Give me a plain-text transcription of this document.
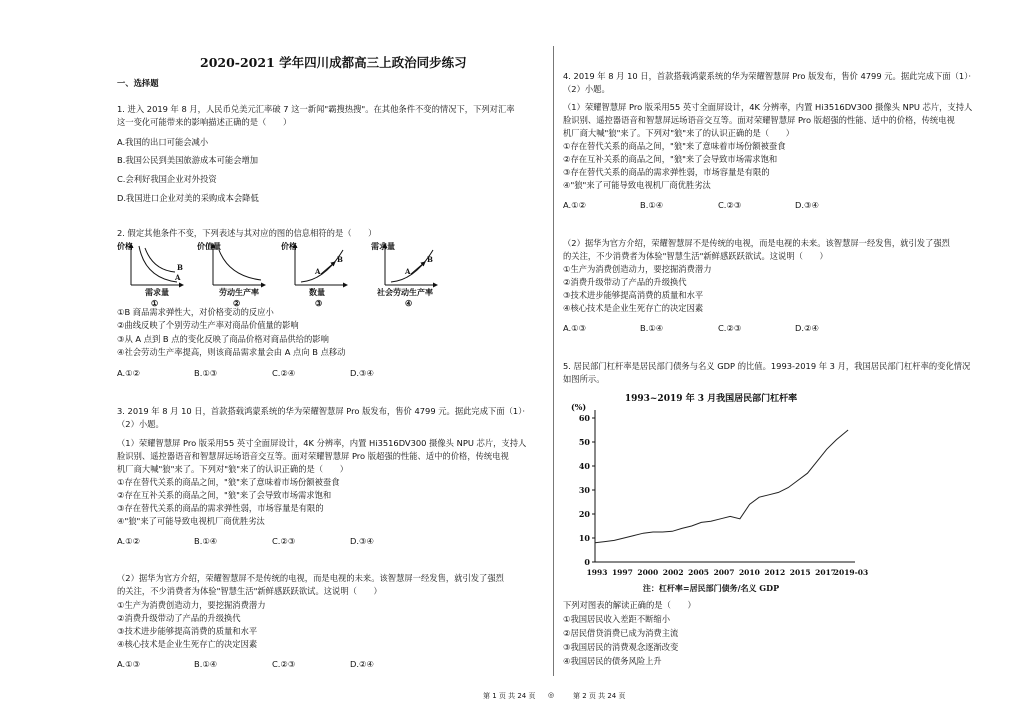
2020-2021 学年四川成都高三上政治同步练习
一、选择题
1. 进入 2019 年 8 月，人民币兑美元汇率破 7 这一新闻"霸搜热搜"。在其他条件不变的情况下，下列对汇率
这一变化可能带来的影响描述正确的是（　　）
A.我国的出口可能会减小
B.我国公民到美国旅游成本可能会增加
C.会利好我国企业对外投资
D.我国进口企业对美的采购成本会降低
2. 假定其他条件不变，下列表述与其对应的图的信息相符的是（　　）
价格
A
B
需求量
①
价值量
劳动生产率
②
价格
A
B
数量
③
需求量
A
B
社会劳动生产率
④
①B 商品需求弹性大，对价格变动的反应小
②曲线反映了个别劳动生产率对商品价值量的影响
③从 A 点到 B 点的变化反映了商品价格对商品供给的影响
④社会劳动生产率提高，则该商品需求量会由 A 点向 B 点移动
A.①②	B.①③	C.②④	D.③④
3. 2019 年 8 月 10 日，首款搭载鸿蒙系统的华为荣耀智慧屏 Pro 版发布，售价 4799 元。据此完成下面（1）·
（2）小题。
（1）荣耀智慧屏 Pro 版采用55 英寸全面屏设计，4K 分辨率，内置 Hi3516DV300 摄像头 NPU 芯片，支持人
脸识别、遥控器语音和智慧屏远场语音交互等。面对荣耀智慧屏 Pro 版超强的性能、适中的价格，传统电视
机厂商大喊"狼"来了。下列对"狼"来了的认识正确的是（　　）
①存在替代关系的商品之间，"狼"来了意味着市场份额被蚕食
②存在互补关系的商品之间，"狼"来了会导致市场需求饱和
③存在替代关系的商品的需求弹性弱，市场容量是有限的
④"狼"来了可能导致电视机厂商优胜劣汰
A.①②	B.①④	C.②③	D.③④
（2）据华为官方介绍，荣耀智慧屏不是传统的电视，而是电视的未来。该智慧屏一经发售，就引发了强烈
的关注，不少消费者为体验"智慧生活"新鲜感跃跃欲试。这说明（　　）
①生产为消费创造动力，要挖掘消费潜力
②消费升级带动了产品的升级换代
③技术进步能够提高消费的质量和水平
④核心技术是企业生死存亡的决定因素
A.①③	B.①④	C.②③	D.②④
4. 2019 年 8 月 10 日，首款搭载鸿蒙系统的华为荣耀智慧屏 Pro 版发布，售价 4799 元。据此完成下面（1）·
（2）小题。
（1）荣耀智慧屏 Pro 版采用55 英寸全面屏设计，4K 分辨率，内置 Hi3516DV300 摄像头 NPU 芯片，支持人
脸识别、遥控器语音和智慧屏远场语音交互等。面对荣耀智慧屏 Pro 版超强的性能、适中的价格，传统电视
机厂商大喊"狼"来了。下列对"狼"来了的认识正确的是（　　）
①存在替代关系的商品之间，"狼"来了意味着市场份额被蚕食
②存在互补关系的商品之间，"狼"来了会导致市场需求饱和
③存在替代关系的商品的需求弹性弱，市场容量是有限的
④"狼"来了可能导致电视机厂商优胜劣汰
A.①②	B.①④	C.②③	D.③④
（2）据华为官方介绍，荣耀智慧屏不是传统的电视，而是电视的未来。该智慧屏一经发售，就引发了强烈
的关注，不少消费者为体验"智慧生活"新鲜感跃跃欲试。这说明（　　）
①生产为消费创造动力，要挖掘消费潜力
②消费升级带动了产品的升级换代
③技术进步能够提高消费的质量和水平
④核心技术是企业生死存亡的决定因素
A.①③	B.①④	C.②③	D.②④
5. 居民部门杠杆率是居民部门债务与名义 GDP 的比值。1993-2019 年 3 月，我国居民部门杠杆率的变化情况
如图所示。
1993~2019 年 3 月我国居民部门杠杆率
(%)
注：杠杆率=居民部门债务/名义 GDP
0
10
20
30
40
50
60
1993 1997 2000 2002 2005 2007 2010 2012 2015 2017
2019-03
下列对图表的解读正确的是（　　）
①我国居民收入差距不断缩小
②居民借贷消费已成为消费主流
③我国居民的消费观念逐渐改变
④我国居民的债务风险上升
第 1 页 共 24 页 ◎	第 2 页 共 24 页
